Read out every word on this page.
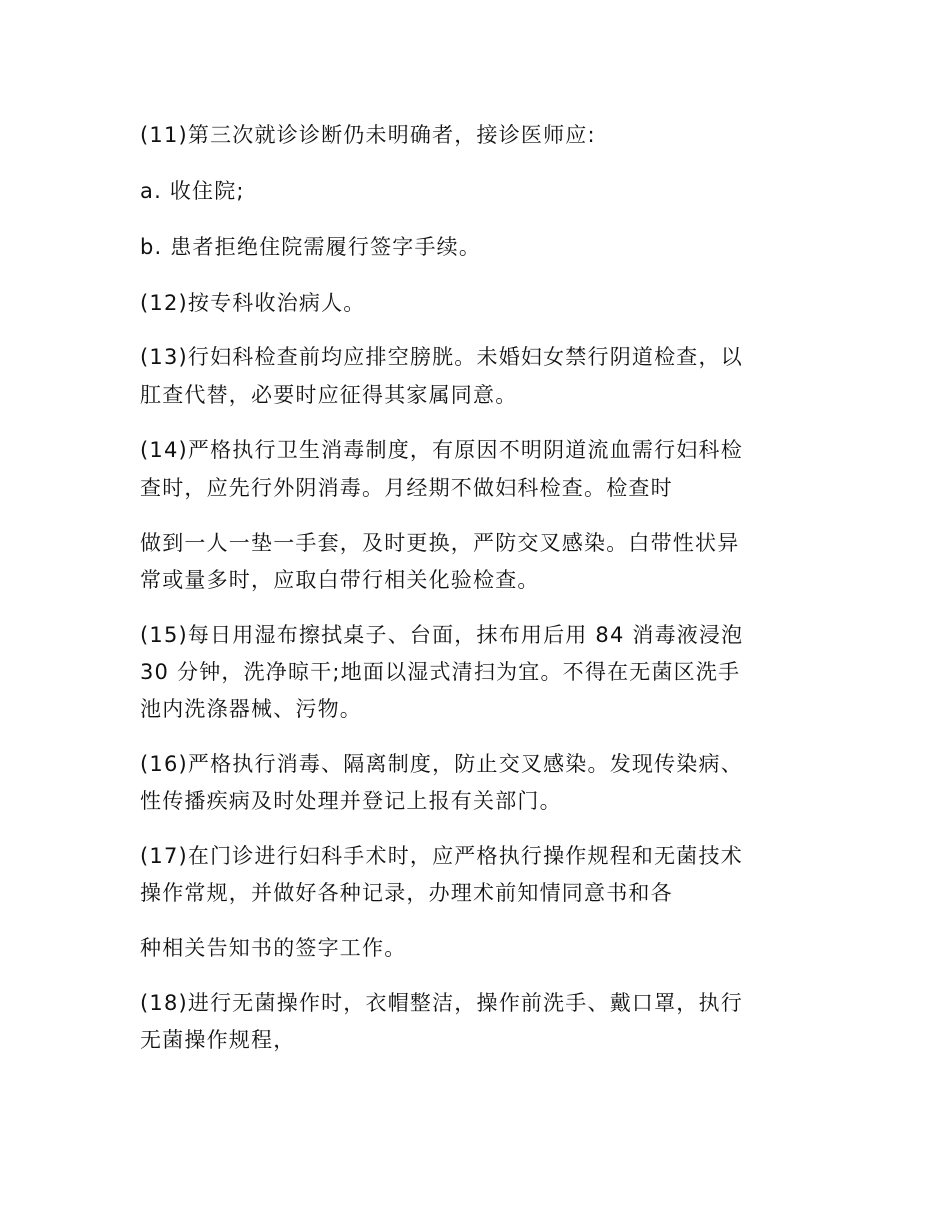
(11)第三次就诊诊断仍未明确者，接诊医师应:
a. 收住院;
b. 患者拒绝住院需履行签字手续。
(12)按专科收治病人。
(13)行妇科检查前均应排空膀胱。未婚妇女禁行阴道检查，以
肛查代替，必要时应征得其家属同意。
(14)严格执行卫生消毒制度，有原因不明阴道流血需行妇科检
查时，应先行外阴消毒。月经期不做妇科检查。检查时
做到一人一垫一手套，及时更换，严防交叉感染。白带性状异
常或量多时，应取白带行相关化验检查。
(15)每日用湿布擦拭桌子、台面，抹布用后用 84 消毒液浸泡
30 分钟，洗净晾干;地面以湿式清扫为宜。不得在无菌区洗手
池内洗涤器械、污物。
(16)严格执行消毒、隔离制度，防止交叉感染。发现传染病、
性传播疾病及时处理并登记上报有关部门。
(17)在门诊进行妇科手术时，应严格执行操作规程和无菌技术
操作常规，并做好各种记录，办理术前知情同意书和各
种相关告知书的签字工作。
(18)进行无菌操作时，衣帽整洁，操作前洗手、戴口罩，执行
无菌操作规程，
